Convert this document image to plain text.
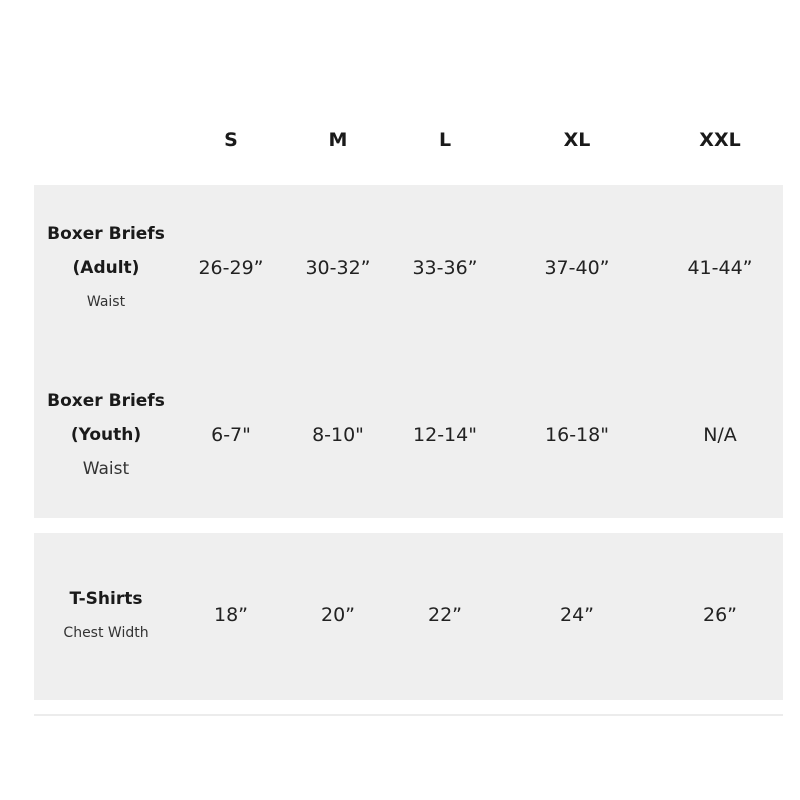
S	M	L	XL	XXL
Boxer Briefs
(Adult)
Waist
26-29” 30-32” 33-36”	37-40”	41-44”
Boxer Briefs
(Youth)
Waist
6-7"	8-10"	12-14"	16-18"	N/A
T-Shirts
Chest Width
18”	20”	22”	24”	26”
